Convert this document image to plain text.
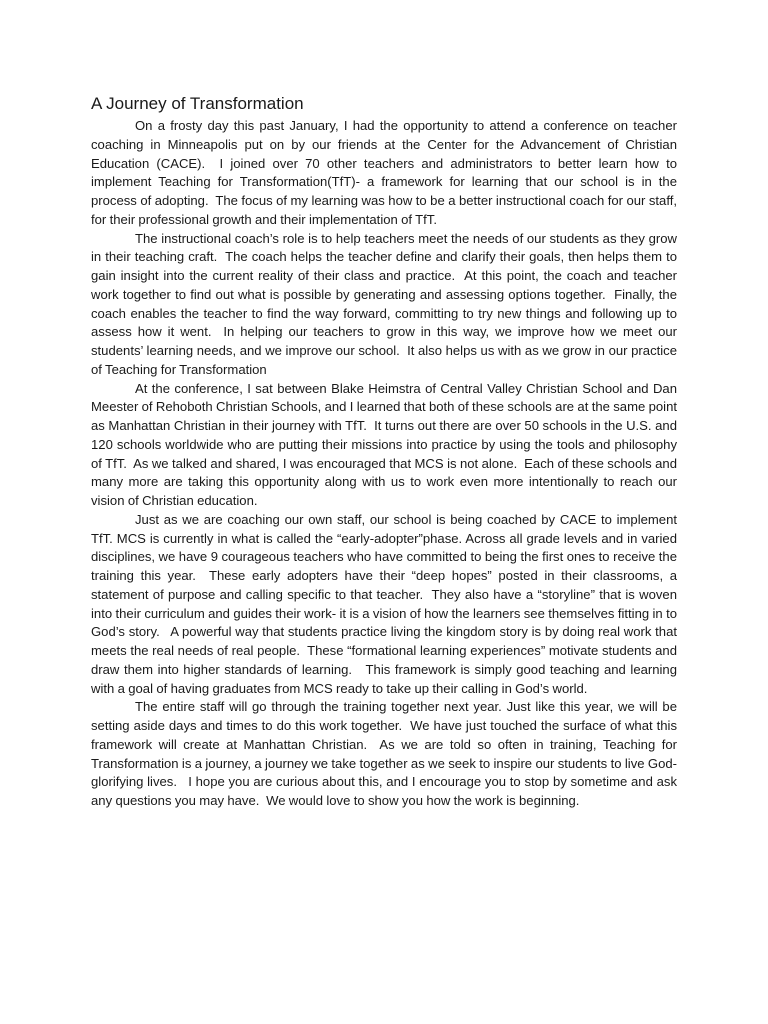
A Journey of Transformation

On a frosty day this past January, I had the opportunity to attend a conference on teacher coaching in Minneapolis put on by our friends at the Center for the Advancement of Christian Education (CACE).  I joined over 70 other teachers and administrators to better learn how to implement Teaching for Transformation(TfT)- a framework for learning that our school is in the process of adopting.  The focus of my learning was how to be a better instructional coach for our staff, for their professional growth and their implementation of TfT.

The instructional coach’s role is to help teachers meet the needs of our students as they grow in their teaching craft.  The coach helps the teacher define and clarify their goals, then helps them to gain insight into the current reality of their class and practice.  At this point, the coach and teacher work together to find out what is possible by generating and assessing options together.  Finally, the coach enables the teacher to find the way forward, committing to try new things and following up to assess how it went.  In helping our teachers to grow in this way, we improve how we meet our students’ learning needs, and we improve our school.  It also helps us with as we grow in our practice of Teaching for Transformation

At the conference, I sat between Blake Heimstra of Central Valley Christian School and Dan Meester of Rehoboth Christian Schools, and I learned that both of these schools are at the same point as Manhattan Christian in their journey with TfT.  It turns out there are over 50 schools in the U.S. and 120 schools worldwide who are putting their missions into practice by using the tools and philosophy of TfT.  As we talked and shared, I was encouraged that MCS is not alone.  Each of these schools and many more are taking this opportunity along with us to work even more intentionally to reach our vision of Christian education.

Just as we are coaching our own staff, our school is being coached by CACE to implement TfT. MCS is currently in what is called the “early-adopter”phase. Across all grade levels and in varied disciplines, we have 9 courageous teachers who have committed to being the first ones to receive the training this year.  These early adopters have their “deep hopes” posted in their classrooms, a statement of purpose and calling specific to that teacher.  They also have a “storyline” that is woven into their curriculum and guides their work- it is a vision of how the learners see themselves fitting in to God’s story.   A powerful way that students practice living the kingdom story is by doing real work that meets the real needs of real people.  These “formational learning experiences” motivate students and draw them into higher standards of learning.   This framework is simply good teaching and learning with a goal of having graduates from MCS ready to take up their calling in God’s world.

The entire staff will go through the training together next year. Just like this year, we will be setting aside days and times to do this work together.  We have just touched the surface of what this framework will create at Manhattan Christian.  As we are told so often in training, Teaching for Transformation is a journey, a journey we take together as we seek to inspire our students to live God-glorifying lives.   I hope you are curious about this, and I encourage you to stop by sometime and ask any questions you may have.  We would love to show you how the work is beginning.
